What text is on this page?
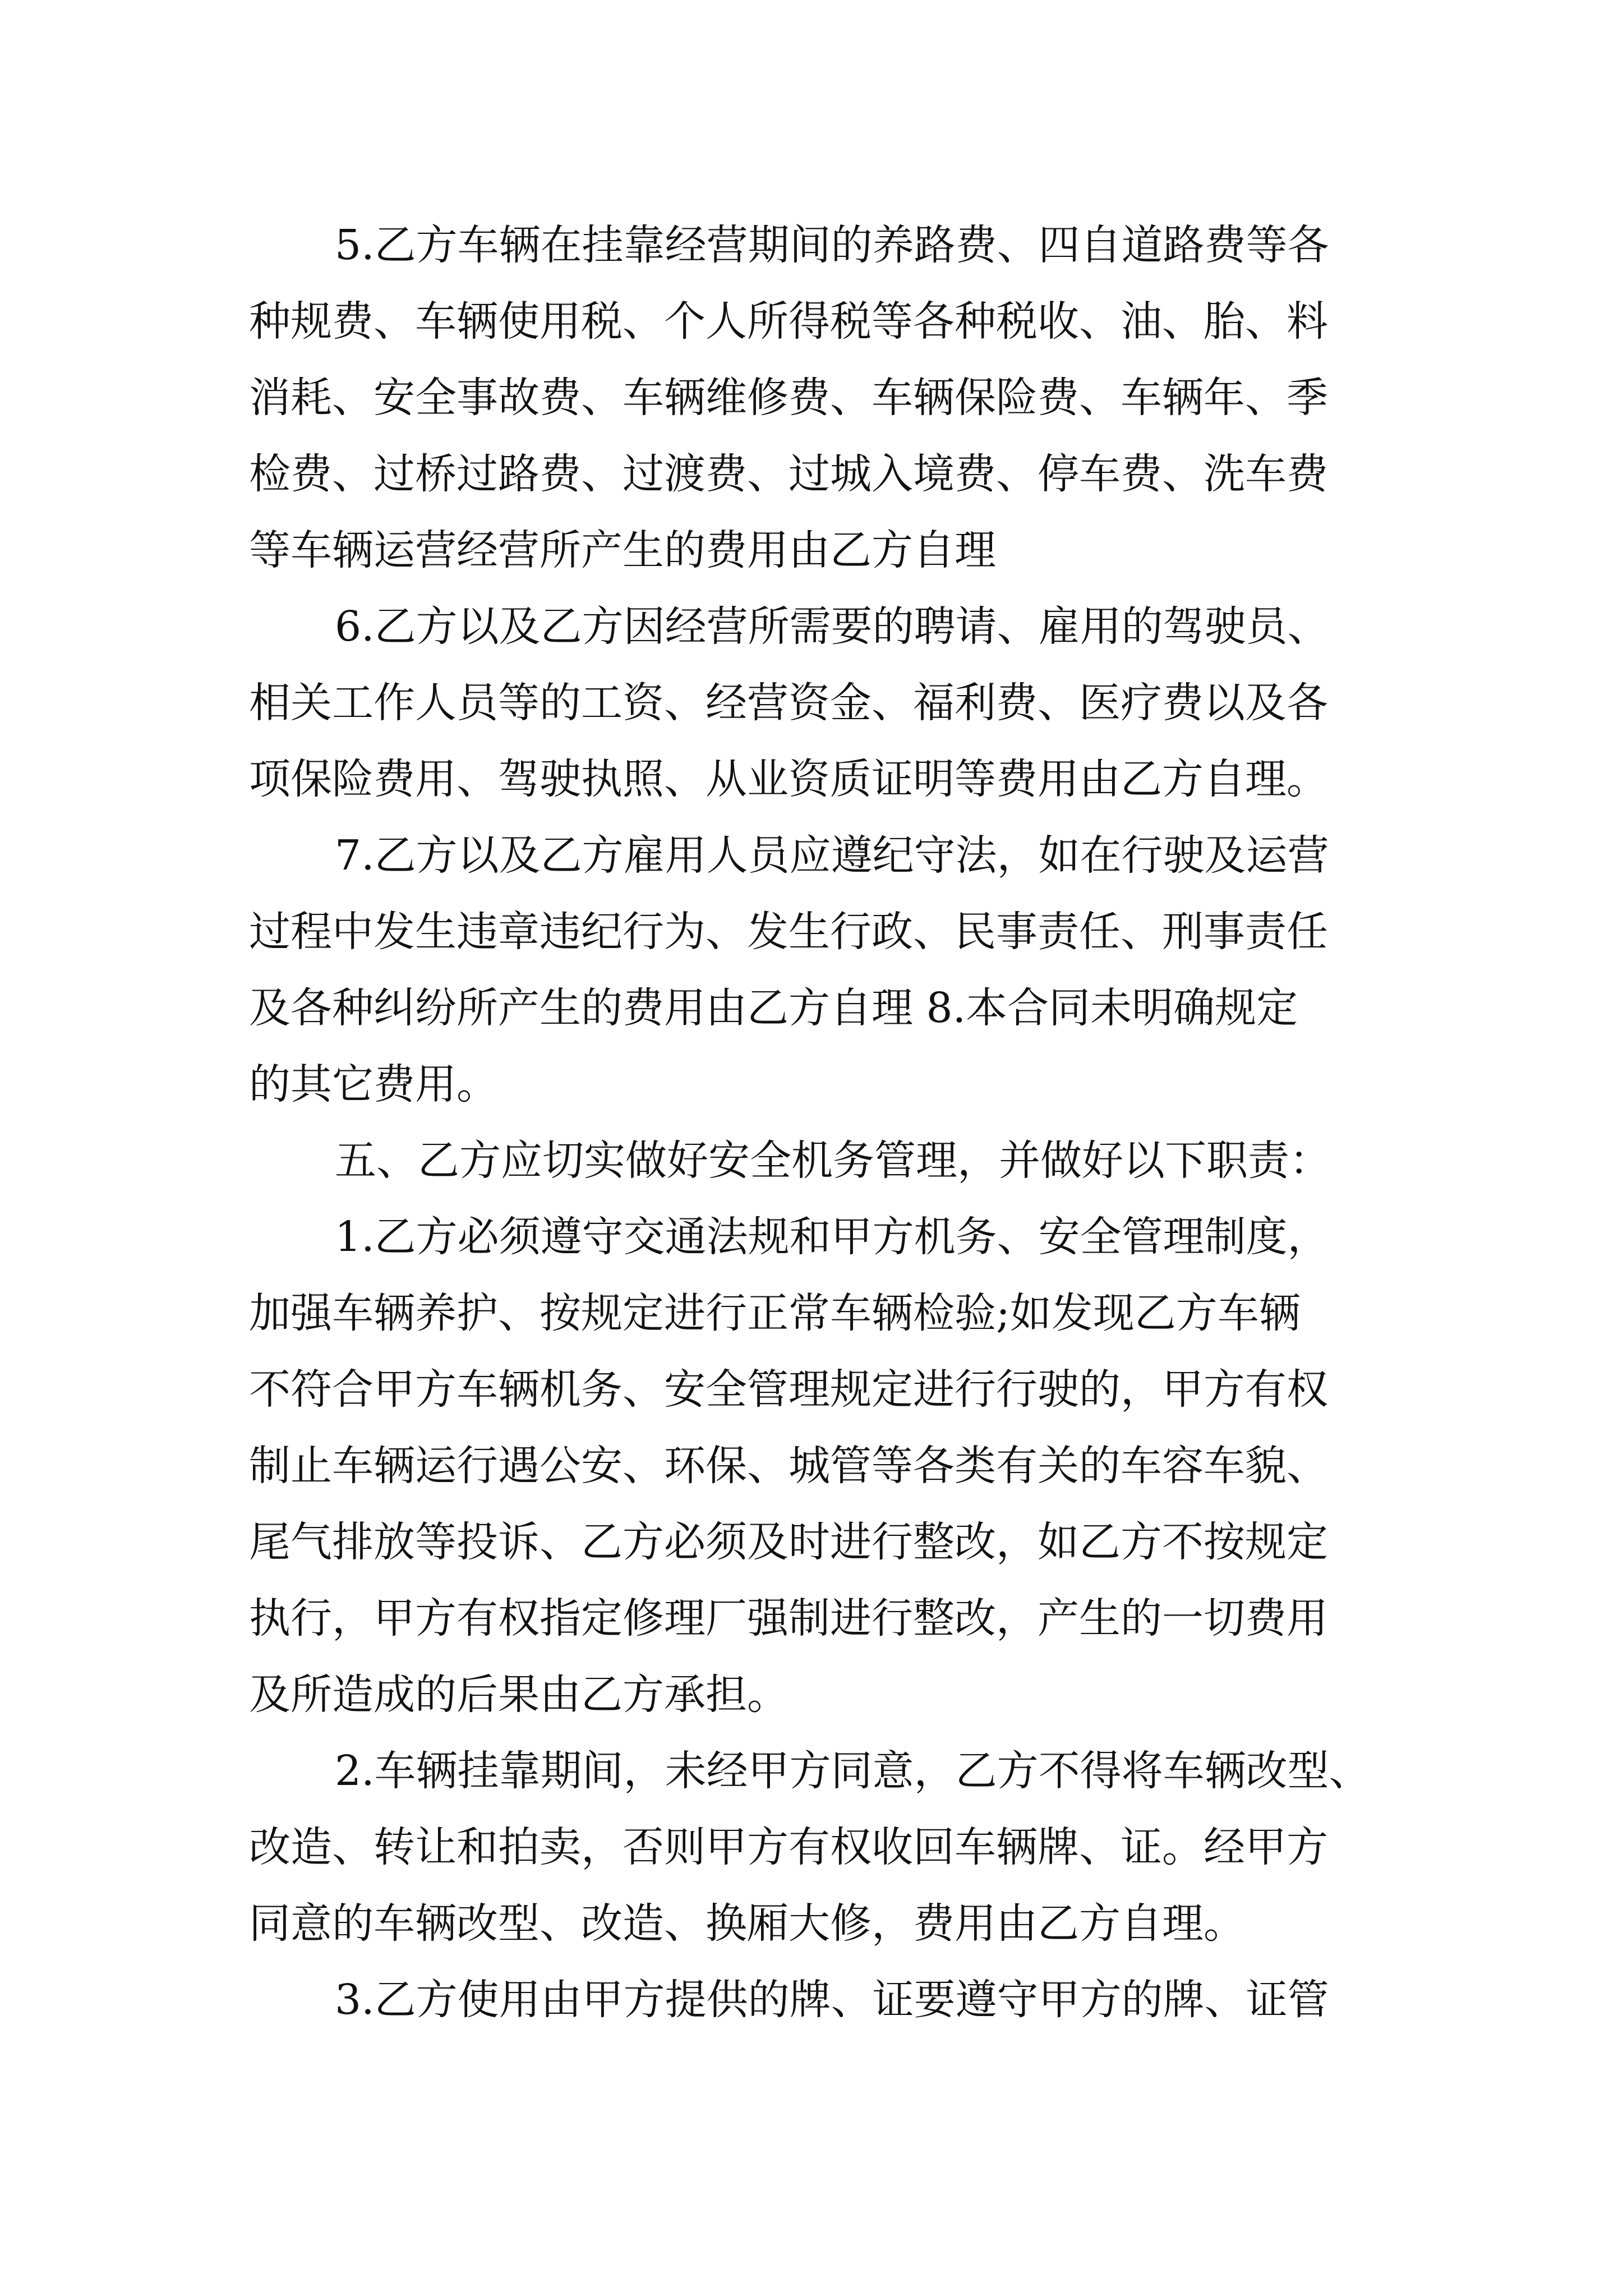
5.乙方车辆在挂靠经营期间的养路费、四自道路费等各

种规费、车辆使用税、个人所得税等各种税收、油、胎、料

消耗、安全事故费、车辆维修费、车辆保险费、车辆年、季

检费、过桥过路费、过渡费、过城入境费、停车费、洗车费

等车辆运营经营所产生的费用由乙方自理

6.乙方以及乙方因经营所需要的聘请、雇用的驾驶员、

相关工作人员等的工资、经营资金、福利费、医疗费以及各

项保险费用、驾驶执照、从业资质证明等费用由乙方自理。

7.乙方以及乙方雇用人员应遵纪守法，如在行驶及运营

过程中发生违章违纪行为、发生行政、民事责任、刑事责任

及各种纠纷所产生的费用由乙方自理 8.本合同未明确规定

的其它费用。

五、乙方应切实做好安全机务管理，并做好以下职责：

1.乙方必须遵守交通法规和甲方机务、安全管理制度，

加强车辆养护、按规定进行正常车辆检验;如发现乙方车辆

不符合甲方车辆机务、安全管理规定进行行驶的，甲方有权

制止车辆运行遇公安、环保、城管等各类有关的车容车貌、

尾气排放等投诉、乙方必须及时进行整改，如乙方不按规定

执行，甲方有权指定修理厂强制进行整改，产生的一切费用

及所造成的后果由乙方承担。

2.车辆挂靠期间，未经甲方同意，乙方不得将车辆改型、

改造、转让和拍卖，否则甲方有权收回车辆牌、证。经甲方

同意的车辆改型、改造、换厢大修，费用由乙方自理。

3.乙方使用由甲方提供的牌、证要遵守甲方的牌、证管
